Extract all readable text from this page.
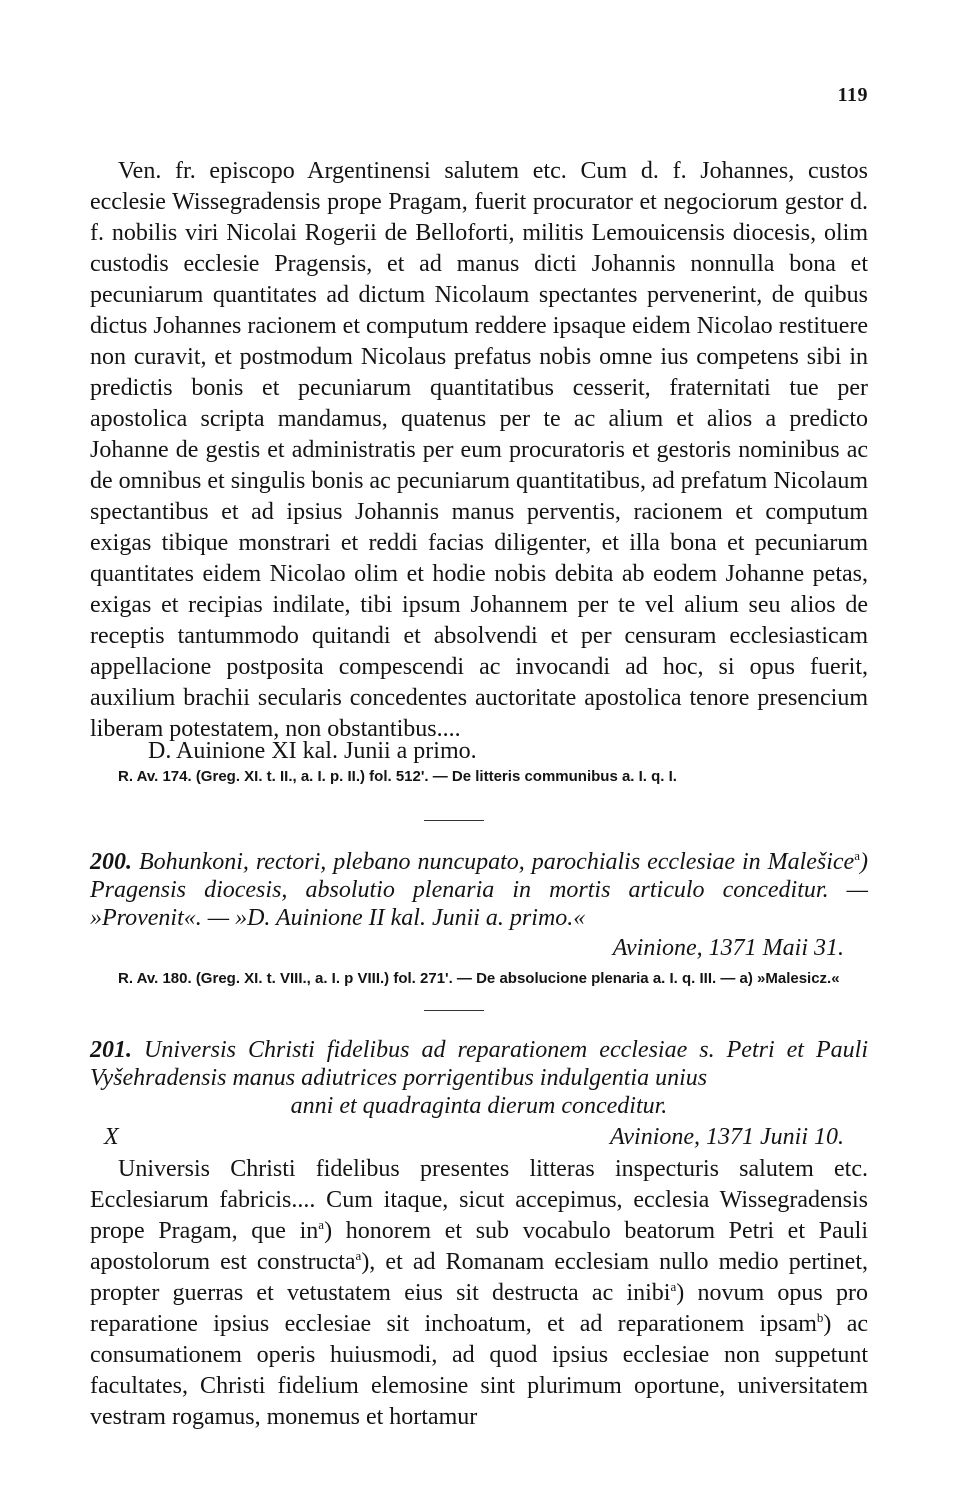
119

Ven. fr. episcopo Argentinensi salutem etc. Cum d. f. Johannes, custos ecclesie Wissegradensis prope Pragam, fuerit procurator et negociorum gestor d. f. nobilis viri Nicolai Rogerii de Belloforti, militis Lemouicensis diocesis, olim custodis ecclesie Pragensis, et ad manus dicti Johannis nonnulla bona et pecuniarum quantitates ad dictum Nicolaum spectantes pervenerint, de quibus dictus Johannes racionem et computum reddere ipsaque eidem Nicolao restituere non curavit, et postmodum Nicolaus prefatus nobis omne ius competens sibi in predictis bonis et pecuniarum quantitatibus cesserit, fraternitati tue per apostolica scripta mandamus, quatenus per te ac alium et alios a predicto Johanne de gestis et administratis per eum procuratoris et gestoris nominibus ac de omnibus et singulis bonis ac pecuniarum quantitatibus, ad prefatum Nicolaum spectantibus et ad ipsius Johannis manus perventis, racionem et computum exigas tibique monstrari et reddi facias diligenter, et illa bona et pecuniarum quantitates eidem Nicolao olim et hodie nobis debita ab eodem Johanne petas, exigas et recipias indilate, tibi ipsum Johannem per te vel alium seu alios de receptis tantummodo quitandi et absolvendi et per censuram ecclesiasticam appellacione postposita compescendi ac invocandi ad hoc, si opus fuerit, auxilium brachii secularis concedentes auctoritate apostolica tenore presencium liberam potestatem, non obstantibus....

D. Auinione XI kal. Junii a primo.

R. Av. 174. (Greg. XI. t. II., a. I. p. II.) fol. 512'. — De litteris communibus a. I. q. I.

200. Bohunkoni, rectori, plebano nuncupato, parochialis ecclesiae in Malešice$^a$) Pragensis diocesis, absolutio plenaria in mortis articulo conceditur. — »Provenit«. — »D. Auinione II kal. Junii a. primo.«

Avinione, 1371 Maii 31.

R. Av. 180. (Greg. XI. t. VIII., a. I. p VIII.) fol. 271'. — De absolucione plenaria a. I. q. III. — a) »Malesicz.«

201. Universis Christi fidelibus ad reparationem ecclesiae s. Petri et Pauli Vyšehradensis manus adiutrices porrigentibus indulgentia unius

anni et quadraginta dierum conceditur.

X	Avinione, 1371 Junii 10.

Universis Christi fidelibus presentes litteras inspecturis salutem etc. Ecclesiarum fabricis.... Cum itaque, sicut accepimus, ecclesia Wissegradensis prope Pragam, que $in^a$) honorem et sub vocabulo beatorum Petri et Pauli apostolorum est constructa$^a$), et ad Romanam ecclesiam nullo medio pertinet, propter guerras et vetustatem eius sit destructa ac inibi$^a$) novum opus pro reparatione ipsius ecclesiae sit inchoatum, et ad reparationem ipsam$^b$) ac consumationem operis huiusmodi, ad quod ipsius ecclesiae non suppetunt facultates, Christi fidelium elemosine sint plurimum oportune, universitatem vestram rogamus, monemus et hortamur
